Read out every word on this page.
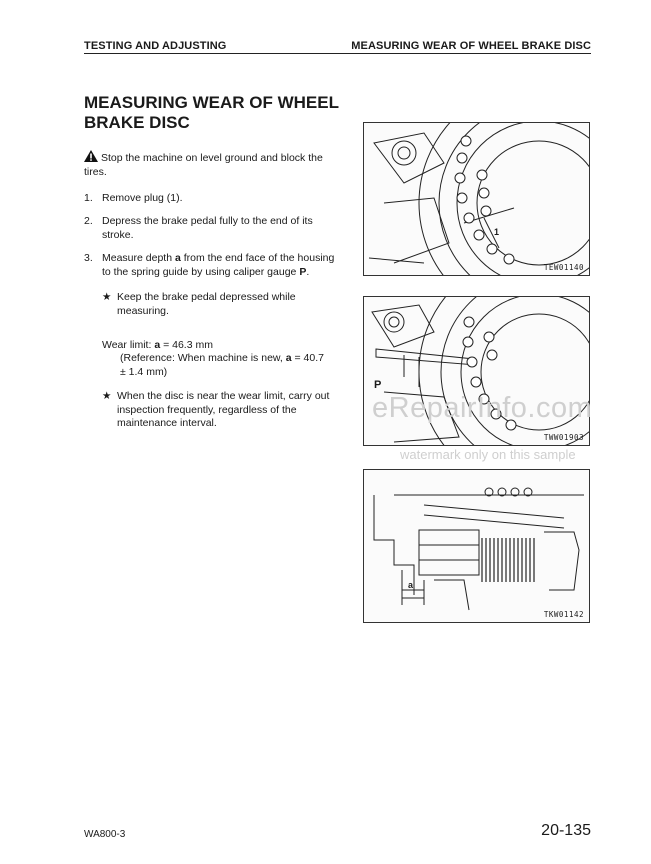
TESTING AND ADJUSTING	MEASURING WEAR OF WHEEL BRAKE DISC
MEASURING WEAR OF WHEEL BRAKE DISC
Stop the machine on level ground and block the tires.
1. Remove plug (1).
2. Depress the brake pedal fully to the end of its stroke.
3. Measure depth a from the end face of the housing to the spring guide by using caliper gauge P.
★ Keep the brake pedal depressed while measuring.
Wear limit: a = 46.3 mm
(Reference: When machine is new, a = 40.7
± 1.4 mm)
★ When the disc is near the wear limit, carry out inspection frequently, regardless of the maintenance interval.
1
TEW01140
P
TWW01903
eRepairInfo.com
watermark only on this sample
a
TKW01142
WA800-3	20-135
